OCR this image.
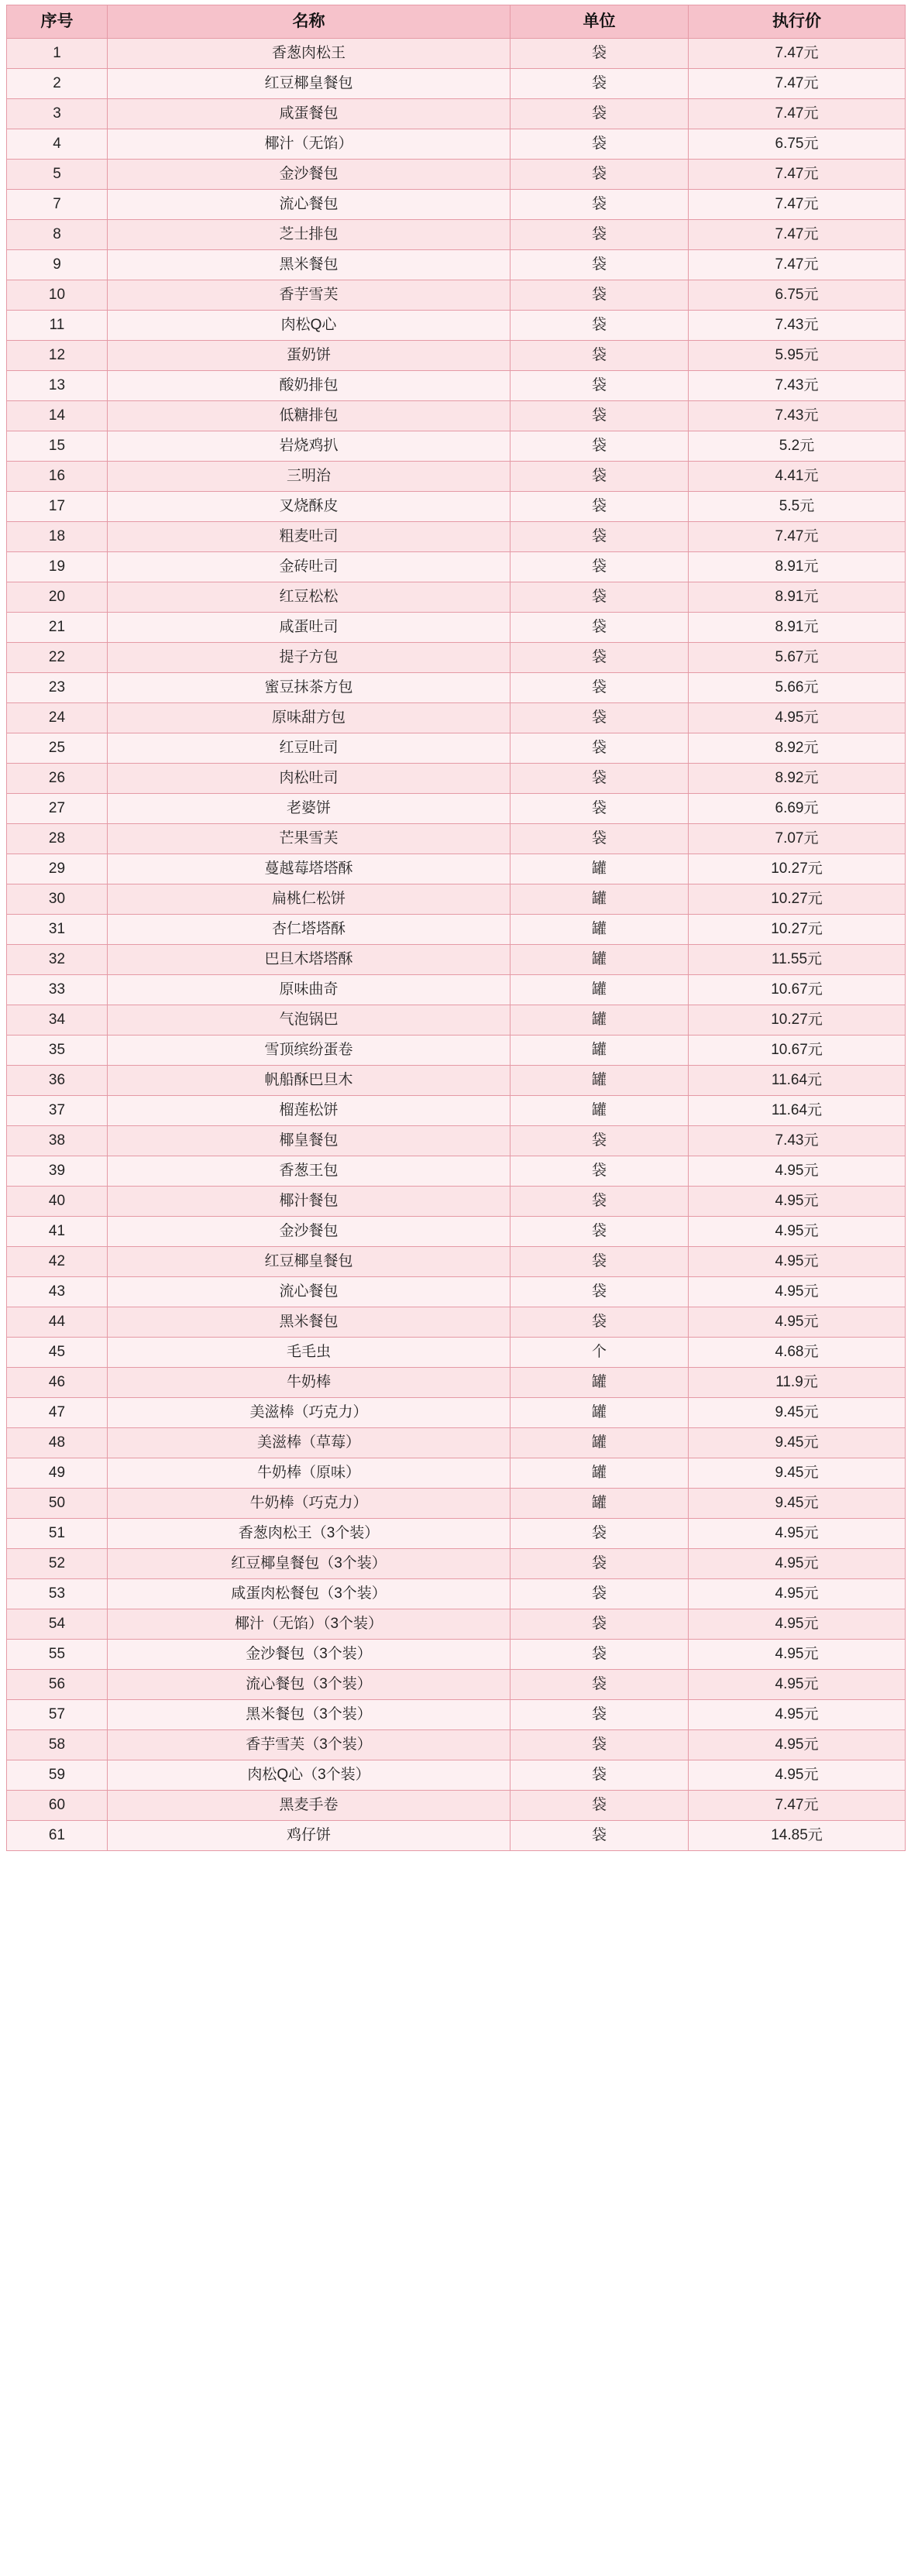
序号	名称	单位	执行价
1	香葱肉松王	袋	7.47元
2	红豆椰皇餐包	袋	7.47元
3	咸蛋餐包	袋	7.47元
4	椰汁（无馅）	袋	6.75元
5	金沙餐包	袋	7.47元
7	流心餐包	袋	7.47元
8	芝士排包	袋	7.47元
9	黑米餐包	袋	7.47元
10	香芋雪芙	袋	6.75元
11	肉松Q心	袋	7.43元
12	蛋奶饼	袋	5.95元
13	酸奶排包	袋	7.43元
14	低糖排包	袋	7.43元
15	岩烧鸡扒	袋	5.2元
16	三明治	袋	4.41元
17	叉烧酥皮	袋	5.5元
18	粗麦吐司	袋	7.47元
19	金砖吐司	袋	8.91元
20	红豆松松	袋	8.91元
21	咸蛋吐司	袋	8.91元
22	提子方包	袋	5.67元
23	蜜豆抹茶方包	袋	5.66元
24	原味甜方包	袋	4.95元
25	红豆吐司	袋	8.92元
26	肉松吐司	袋	8.92元
27	老婆饼	袋	6.69元
28	芒果雪芙	袋	7.07元
29	蔓越莓塔塔酥	罐	10.27元
30	扁桃仁松饼	罐	10.27元
31	杏仁塔塔酥	罐	10.27元
32	巴旦木塔塔酥	罐	11.55元
33	原味曲奇	罐	10.67元
34	气泡锅巴	罐	10.27元
35	雪顶缤纷蛋卷	罐	10.67元
36	帆船酥巴旦木	罐	11.64元
37	榴莲松饼	罐	11.64元
38	椰皇餐包	袋	7.43元
39	香葱王包	袋	4.95元
40	椰汁餐包	袋	4.95元
41	金沙餐包	袋	4.95元
42	红豆椰皇餐包	袋	4.95元
43	流心餐包	袋	4.95元
44	黑米餐包	袋	4.95元
45	毛毛虫	个	4.68元
46	牛奶棒	罐	11.9元
47	美滋棒（巧克力）	罐	9.45元
48	美滋棒（草莓）	罐	9.45元
49	牛奶棒（原味）	罐	9.45元
50	牛奶棒（巧克力）	罐	9.45元
51	香葱肉松王（3个装）	袋	4.95元
52	红豆椰皇餐包（3个装）	袋	4.95元
53	咸蛋肉松餐包（3个装）	袋	4.95元
54	椰汁（无馅）（3个装）	袋	4.95元
55	金沙餐包（3个装）	袋	4.95元
56	流心餐包（3个装）	袋	4.95元
57	黑米餐包（3个装）	袋	4.95元
58	香芋雪芙（3个装）	袋	4.95元
59	肉松Q心（3个装）	袋	4.95元
60	黑麦手卷	袋	7.47元
61	鸡仔饼	袋	14.85元
